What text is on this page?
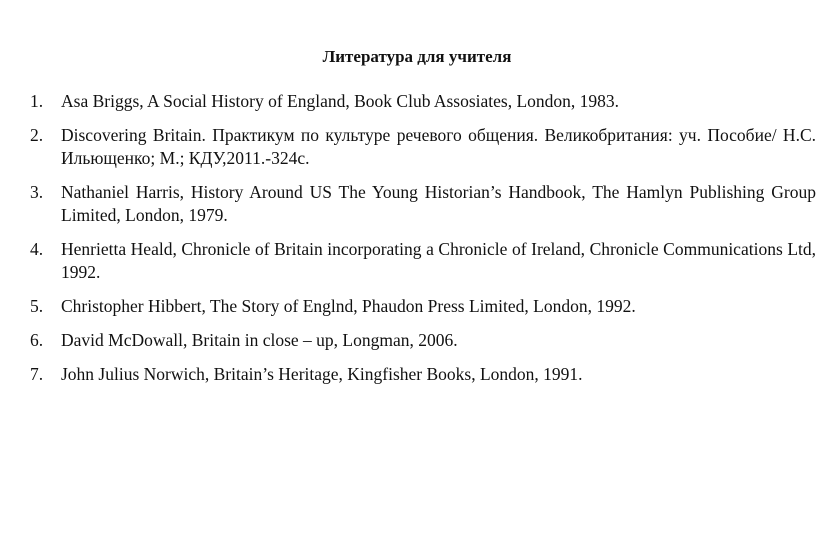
Литература для учителя
1. Asa Briggs, A Social History of England, Book Club Assosiates, London, 1983.
2. Discovering Britain. Практикум по культуре речевого общения. Великобритания: уч. Пособие/ Н.С. Ильющенко; М.; КДУ,2011.-324с.
3. Nathaniel Harris, History Around US The Young Historian’s Handbook, The Hamlyn Publishing Group Limited, London, 1979.
4. Henrietta Heald, Chronicle of Britain incorporating a Chronicle of Ireland, Chronicle Communications Ltd, 1992.
5. Christopher Hibbert, The Story of Englnd, Phaudon Press Limited, London, 1992.
6. David McDowall, Britain in close – up, Longman, 2006.
7. John Julius Norwich, Britain’s Heritage, Kingfisher Books, London, 1991.
